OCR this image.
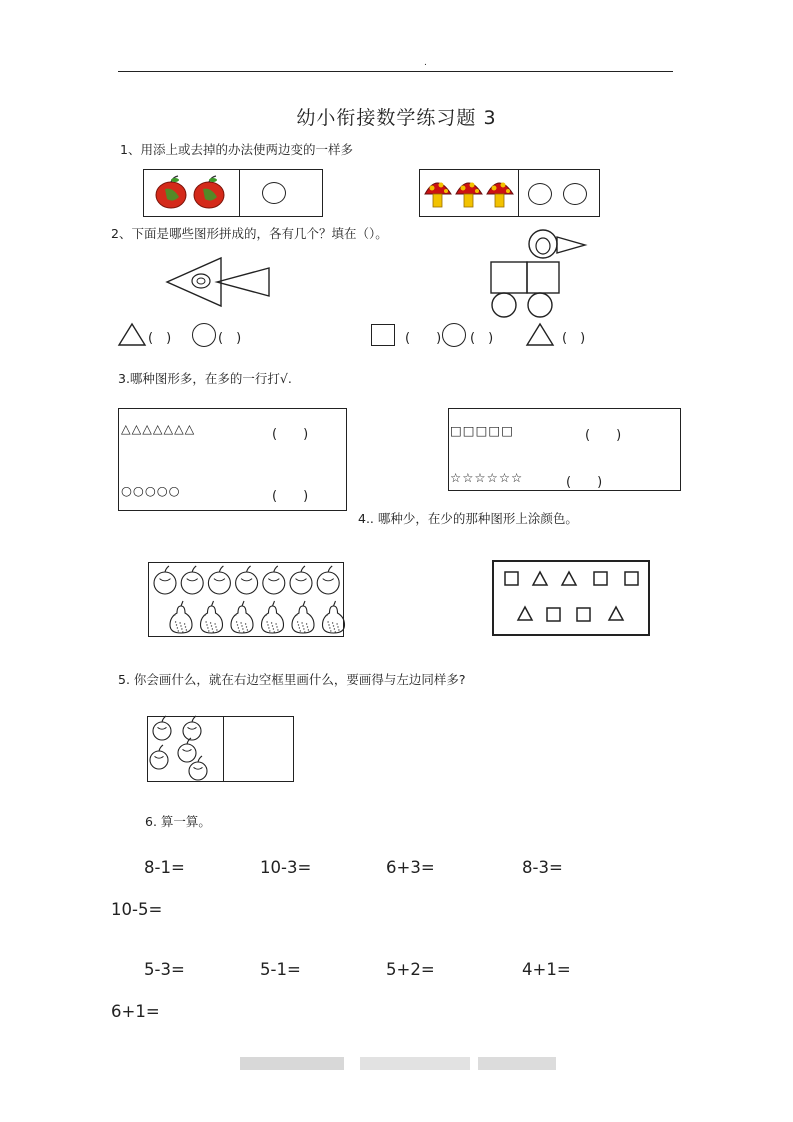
.
幼小衔接数学练习题 3
1、用添上或去掉的办法使两边变的一样多
2、下面是哪些图形拼成的，各有几个？填在（）。
(　)	(　)	(　　) (　)	(　)
3.哪种图形多，在多的一行打√.
△△△△△△△	(　　)
○○○○○	(　　)
□□□□□	(　　)
☆☆☆☆☆☆	(　　)
4.. 哪种少，在少的那种图形上涂颜色。
5. 你会画什么，就在右边空框里画什么，要画得与左边同样多?
6. 算一算。
8-1=	10-3=	6+3=	8-3=
10-5=
5-3=	5-1=	5+2=	4+1=
6+1=
